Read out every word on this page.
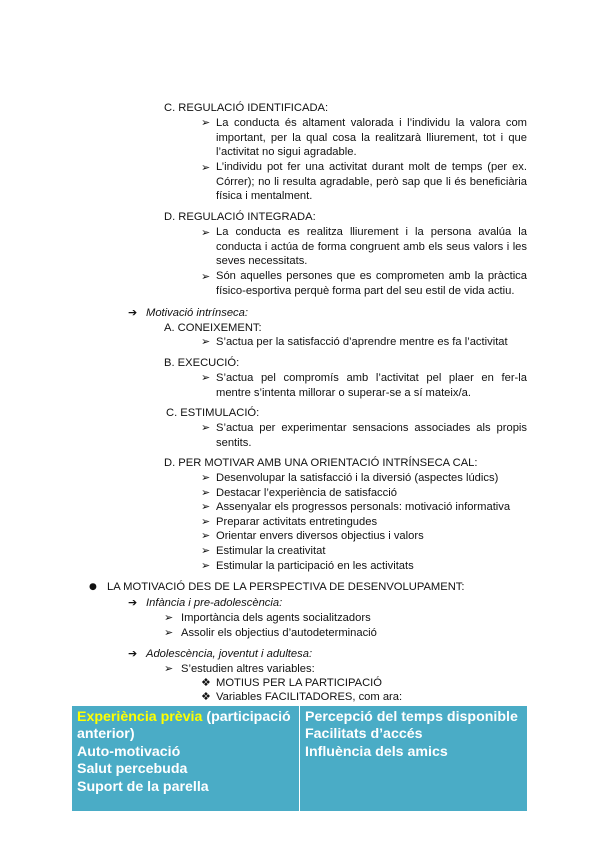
C. REGULACIÓ IDENTIFICADA:
➢ La conducta és altament valorada i l’individu la valora com important, per la qual cosa la realitzarà lliurement, tot i que l’activitat no sigui agradable.
➢ L’individu pot fer una activitat durant molt de temps (per ex. Córrer); no li resulta agradable, però sap que li és beneficiària física i mentalment.
D. REGULACIÓ INTEGRADA:
➢ La conducta es realitza lliurement i la persona avalúa la conducta i actúa de forma congruent amb els seus valors i les seves necessitats.
➢ Són aquelles persones que es comprometen amb la pràctica físico-esportiva perquè forma part del seu estil de vida actiu.
➔ Motivació intrínseca:
A. CONEIXEMENT:
➢ S’actua per la satisfacció d’aprendre mentre es fa l’activitat
B. EXECUCIÓ:
➢ S’actua pel compromís amb l’activitat pel plaer en fer-la mentre s’intenta millorar o superar-se a sí mateix/a.
C. ESTIMULACIÓ:
➢ S’actua per experimentar sensacions associades als propis sentits.
D. PER MOTIVAR AMB UNA ORIENTACIÓ INTRÍNSECA CAL:
➢ Desenvolupar la satisfacció i la diversió (aspectes lúdics)
➢ Destacar l’experiència de satisfacció
➢ Assenyalar els progressos personals: motivació informativa
➢ Preparar activitats entretingudes
➢ Orientar envers diversos objectius i valors
➢ Estimular la creativitat
➢ Estimular la participació en les activitats
● LA MOTIVACIÓ DES DE LA PERSPECTIVA DE DESENVOLUPAMENT:
➔ Infància i pre-adolescència:
➢ Importància dels agents socialitzadors
➢ Assolir els objectius d’autodeterminació
➔ Adolescència, joventut i adultesa:
➢ S’estudien altres variables:
❖ MOTIUS PER LA PARTICIPACIÓ
❖ Variables FACILITADORES, com ara:
Experiència prèvia (participació anterior)
Auto-motivació
Salut percebuda
Suport de la parella
Percepció del temps disponible
Facilitats d’accés
Influència dels amics
